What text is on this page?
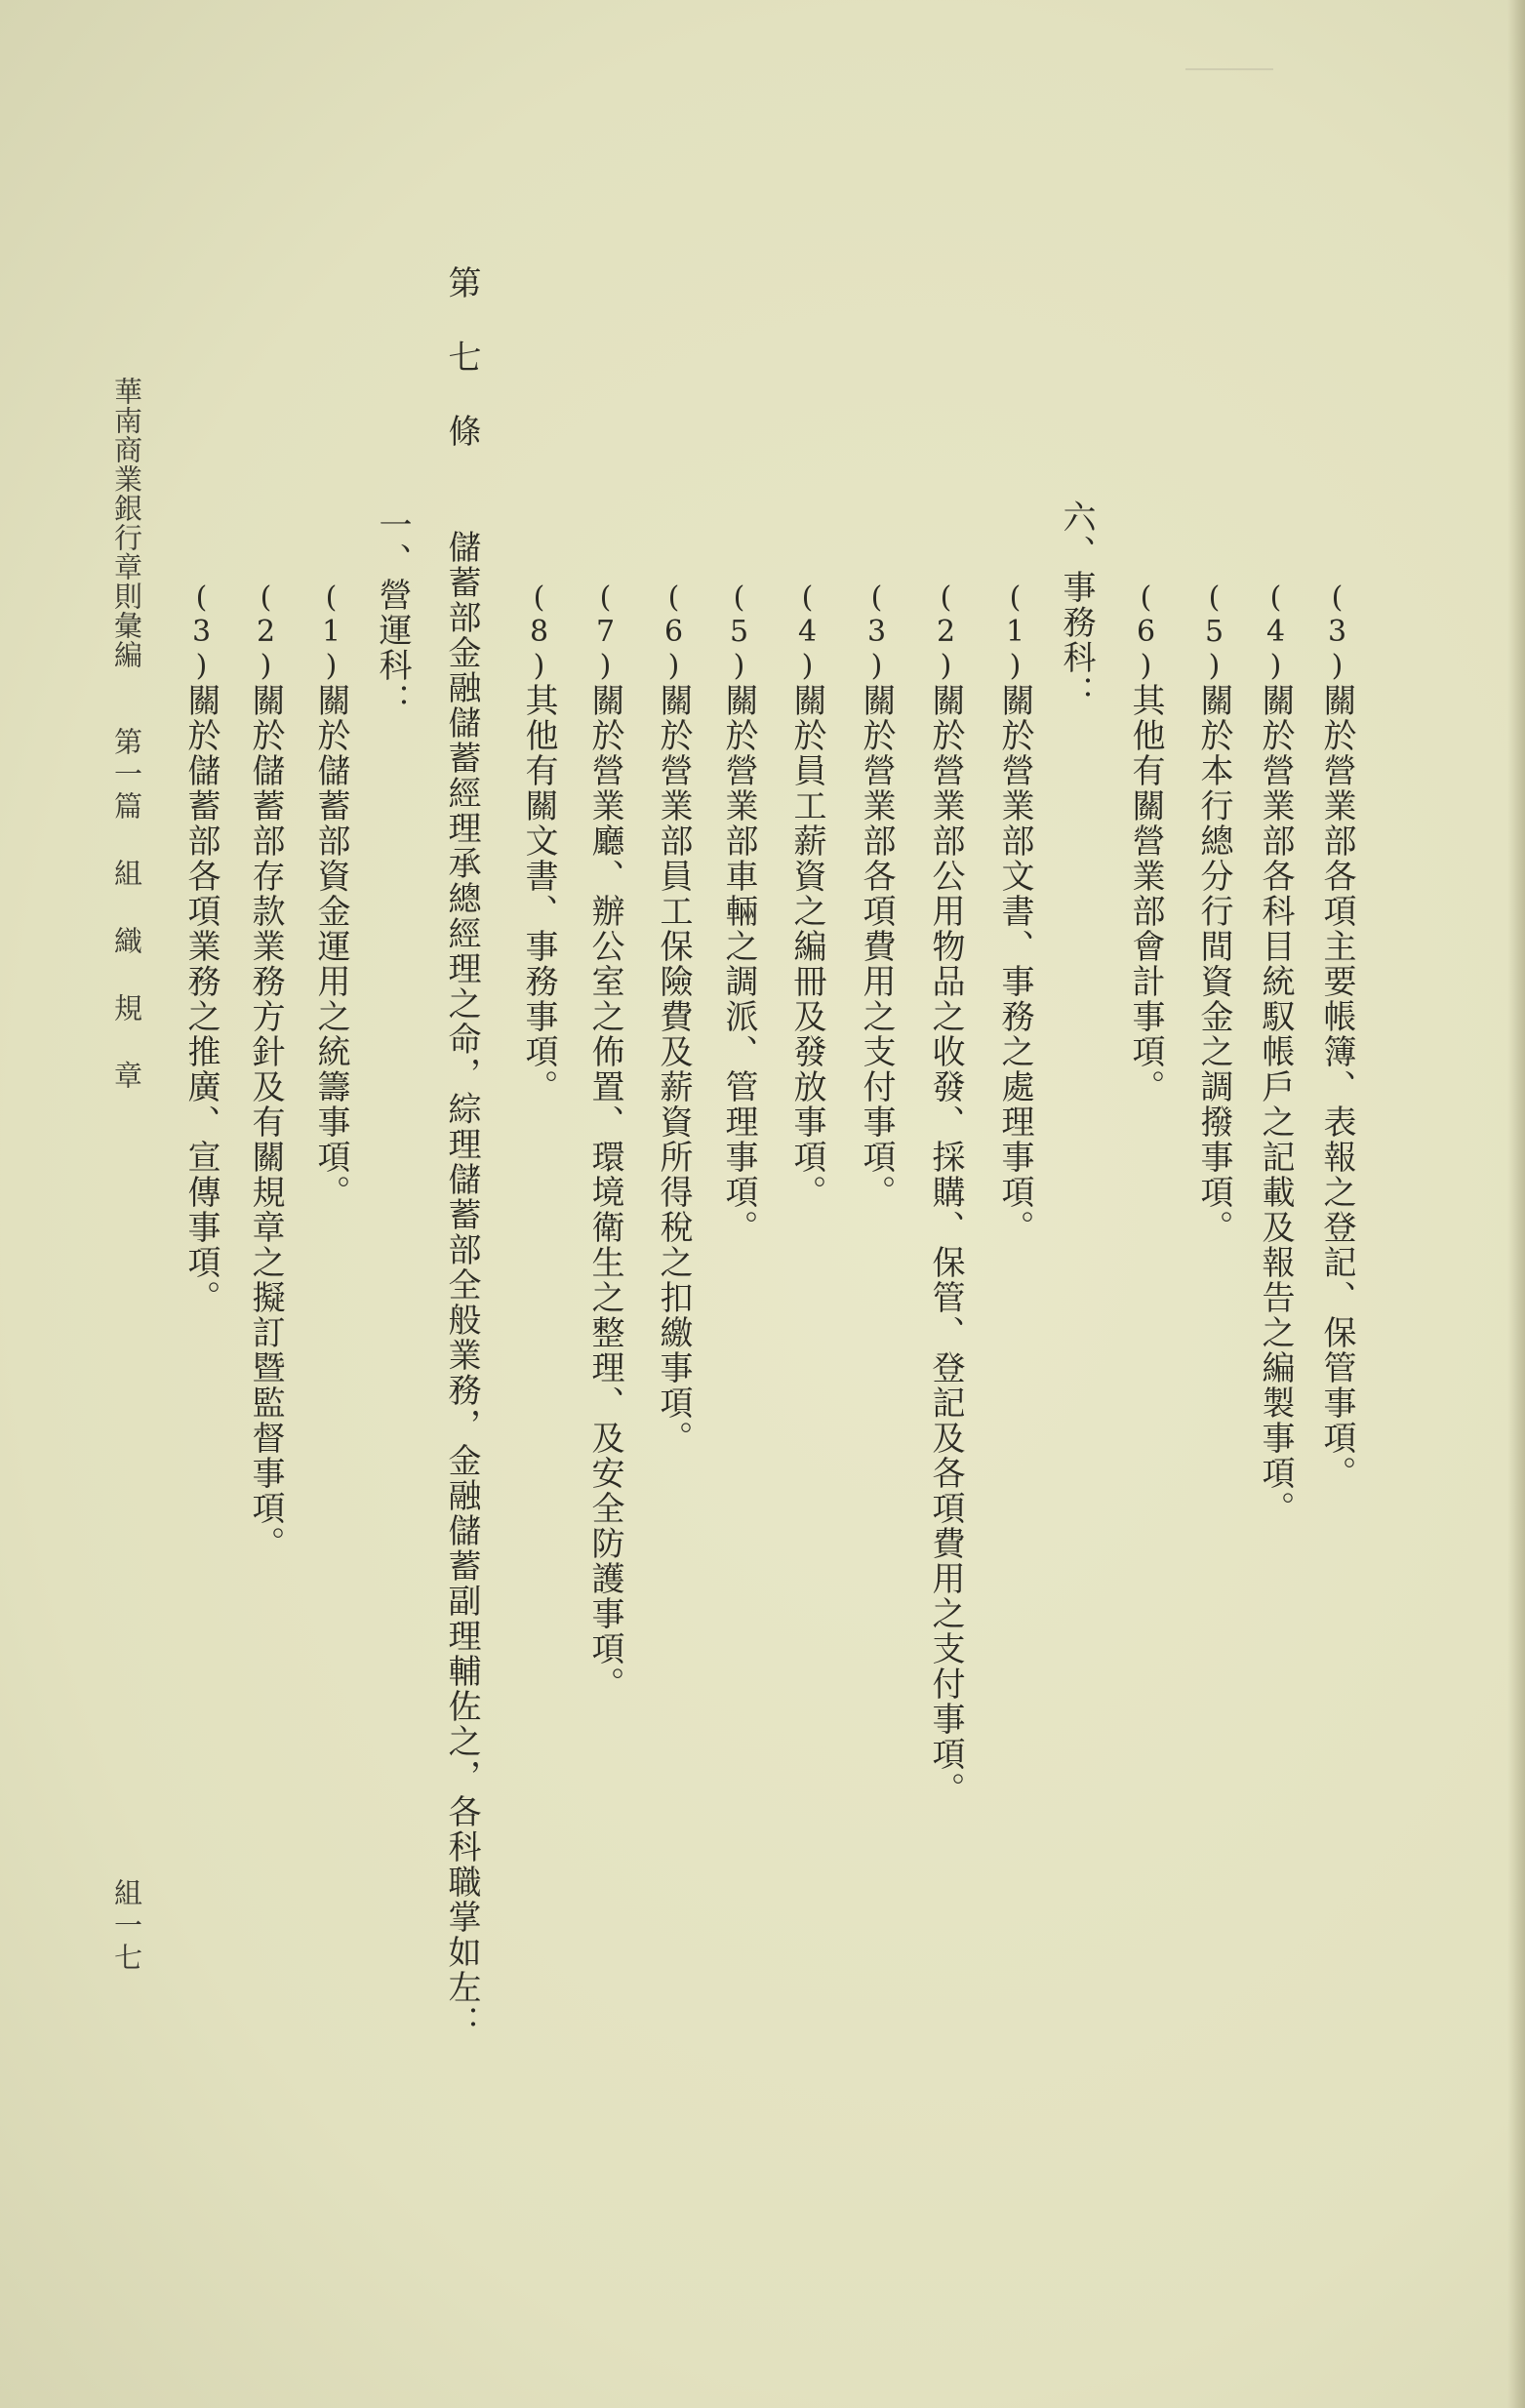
(3)關於營業部各項主要帳簿、表報之登記、保管事項。
(4)關於營業部各科目統馭帳戶之記載及報告之編製事項。
(5)關於本行總分行間資金之調撥事項。
(6)其他有關營業部會計事項。
六、事務科：
(1)關於營業部文書、事務之處理事項。
(2)關於營業部公用物品之收發、採購、保管、登記及各項費用之支付事項。
(3)關於營業部各項費用之支付事項。
(4)關於員工薪資之編冊及發放事項。
(5)關於營業部車輛之調派、管理事項。
(6)關於營業部員工保險費及薪資所得稅之扣繳事項。
(7)關於營業廳、辦公室之佈置、環境衛生之整理、及安全防護事項。
(8)其他有關文書、事務事項。
第七條
儲蓄部金融儲蓄經理承總經理之命，綜理儲蓄部全般業務，金融儲蓄副理輔佐之，各科職掌如左：
一、營運科：
(1)關於儲蓄部資金運用之統籌事項。
(2)關於儲蓄部存款業務方針及有關規章之擬訂暨監督事項。
(3)關於儲蓄部各項業務之推廣、宣傳事項。
華南商業銀行章則彙編
第一篇
組織規章
組一七
